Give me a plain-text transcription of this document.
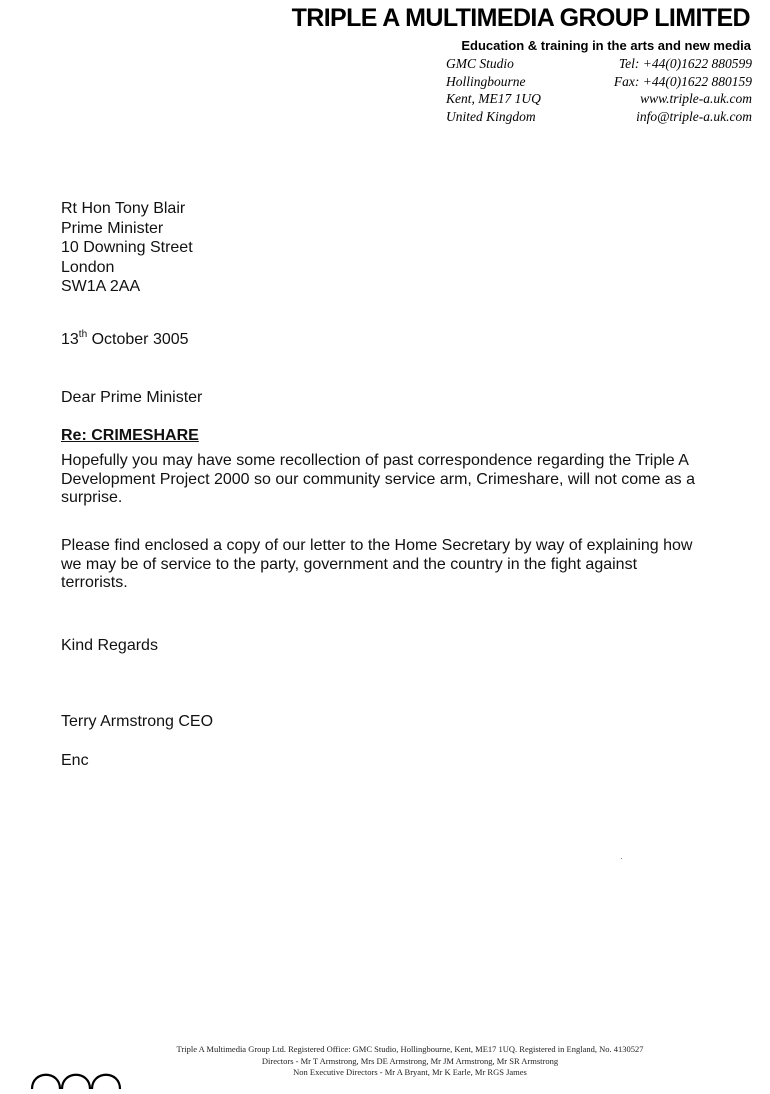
TRIPLE A MULTIMEDIA GROUP LIMITED
Education & training in the arts and new media
GMC Studio
Hollingbourne
Kent, ME17 1UQ
United Kingdom
Tel: +44(0)1622 880599
Fax: +44(0)1622 880159
www.triple-a.uk.com
info@triple-a.uk.com
Rt Hon Tony Blair
Prime Minister
10 Downing Street
London
SW1A 2AA
13th October 3005
Dear Prime Minister
Re: CRIMESHARE
Hopefully you may have some recollection of past correspondence regarding the Triple A Development Project 2000 so our community service arm, Crimeshare, will not come as a surprise.
Please find enclosed a copy of our letter to the Home Secretary by way of explaining how we may be of service to the party, government and the country in the fight against terrorists.
Kind Regards
Terry Armstrong CEO
Enc
Triple A Multimedia Group Ltd. Registered Office: GMC Studio, Hollingbourne, Kent, ME17 1UQ. Registered in England, No. 4130527
Directors - Mr T Armstrong, Mrs DE Armstrong, Mr JM Armstrong, Mr SR Armstrong
Non Executive Directors - Mr A Bryant, Mr K Earle, Mr RGS James
